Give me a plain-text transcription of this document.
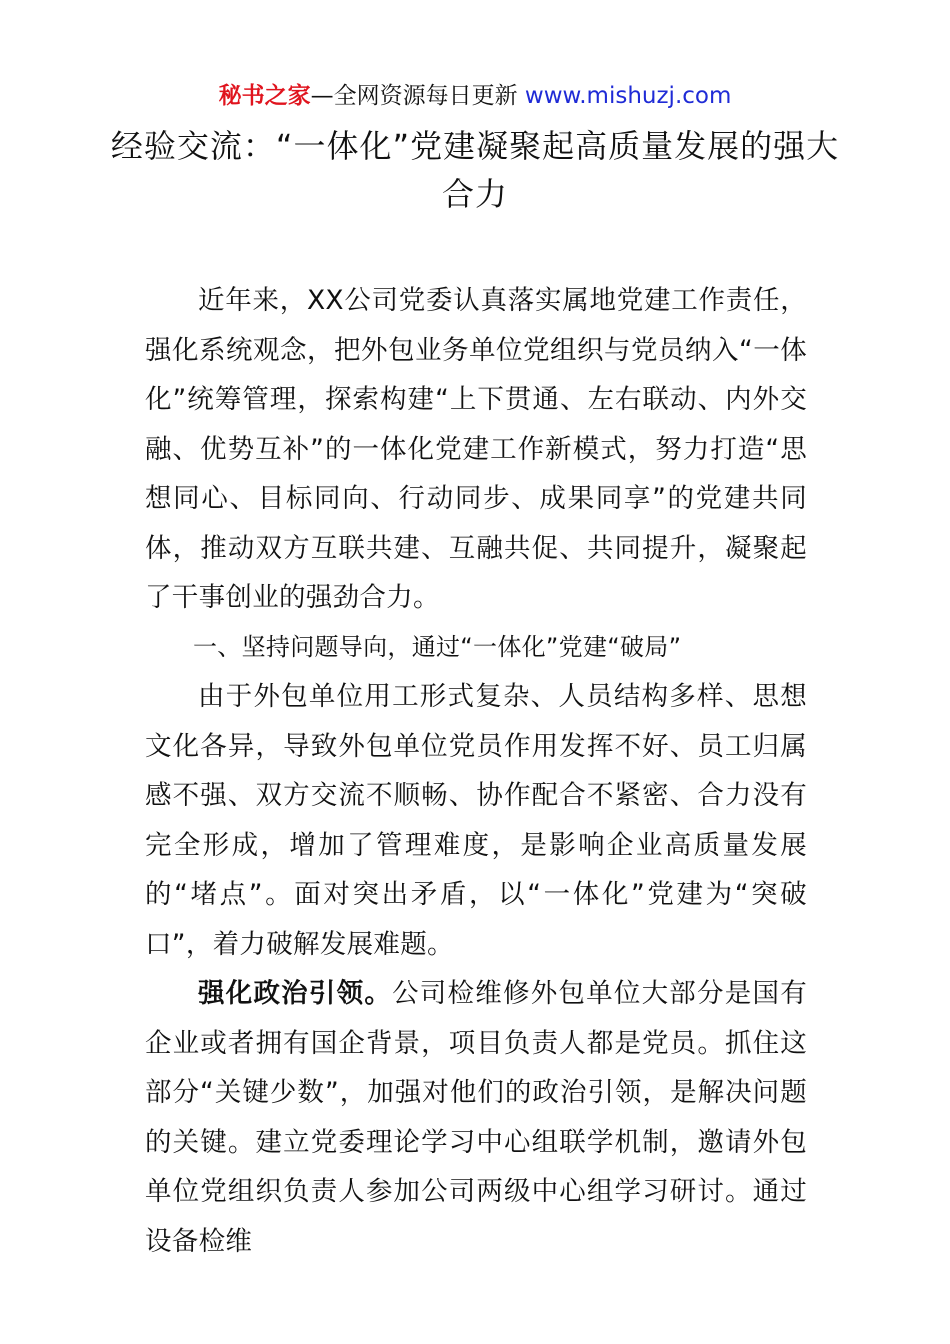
秘书之家—全网资源每日更新 www.mishuzj.com
经验交流：“一体化”党建凝聚起高质量发展的强大合力

近年来，XX公司党委认真落实属地党建工作责任，强化系统观念，把外包业务单位党组织与党员纳入“一体化”统筹管理，探索构建“上下贯通、左右联动、内外交融、优势互补”的一体化党建工作新模式，努力打造“思想同心、目标同向、行动同步、成果同享”的党建共同体，推动双方互联共建、互融共促、共同提升，凝聚起了干事创业的强劲合力。

一、坚持问题导向，通过“一体化”党建“破局”

由于外包单位用工形式复杂、人员结构多样、思想文化各异，导致外包单位党员作用发挥不好、员工归属感不强、双方交流不顺畅、协作配合不紧密、合力没有完全形成，增加了管理难度，是影响企业高质量发展的“堵点”。面对突出矛盾，以“一体化”党建为“突破口”，着力破解发展难题。

强化政治引领。公司检维修外包单位大部分是国有企业或者拥有国企背景，项目负责人都是党员。抓住这部分“关键少数”，加强对他们的政治引领，是解决问题的关键。建立党委理论学习中心组联学机制，邀请外包单位党组织负责人参加公司两级中心组学习研讨。通过设备检维
